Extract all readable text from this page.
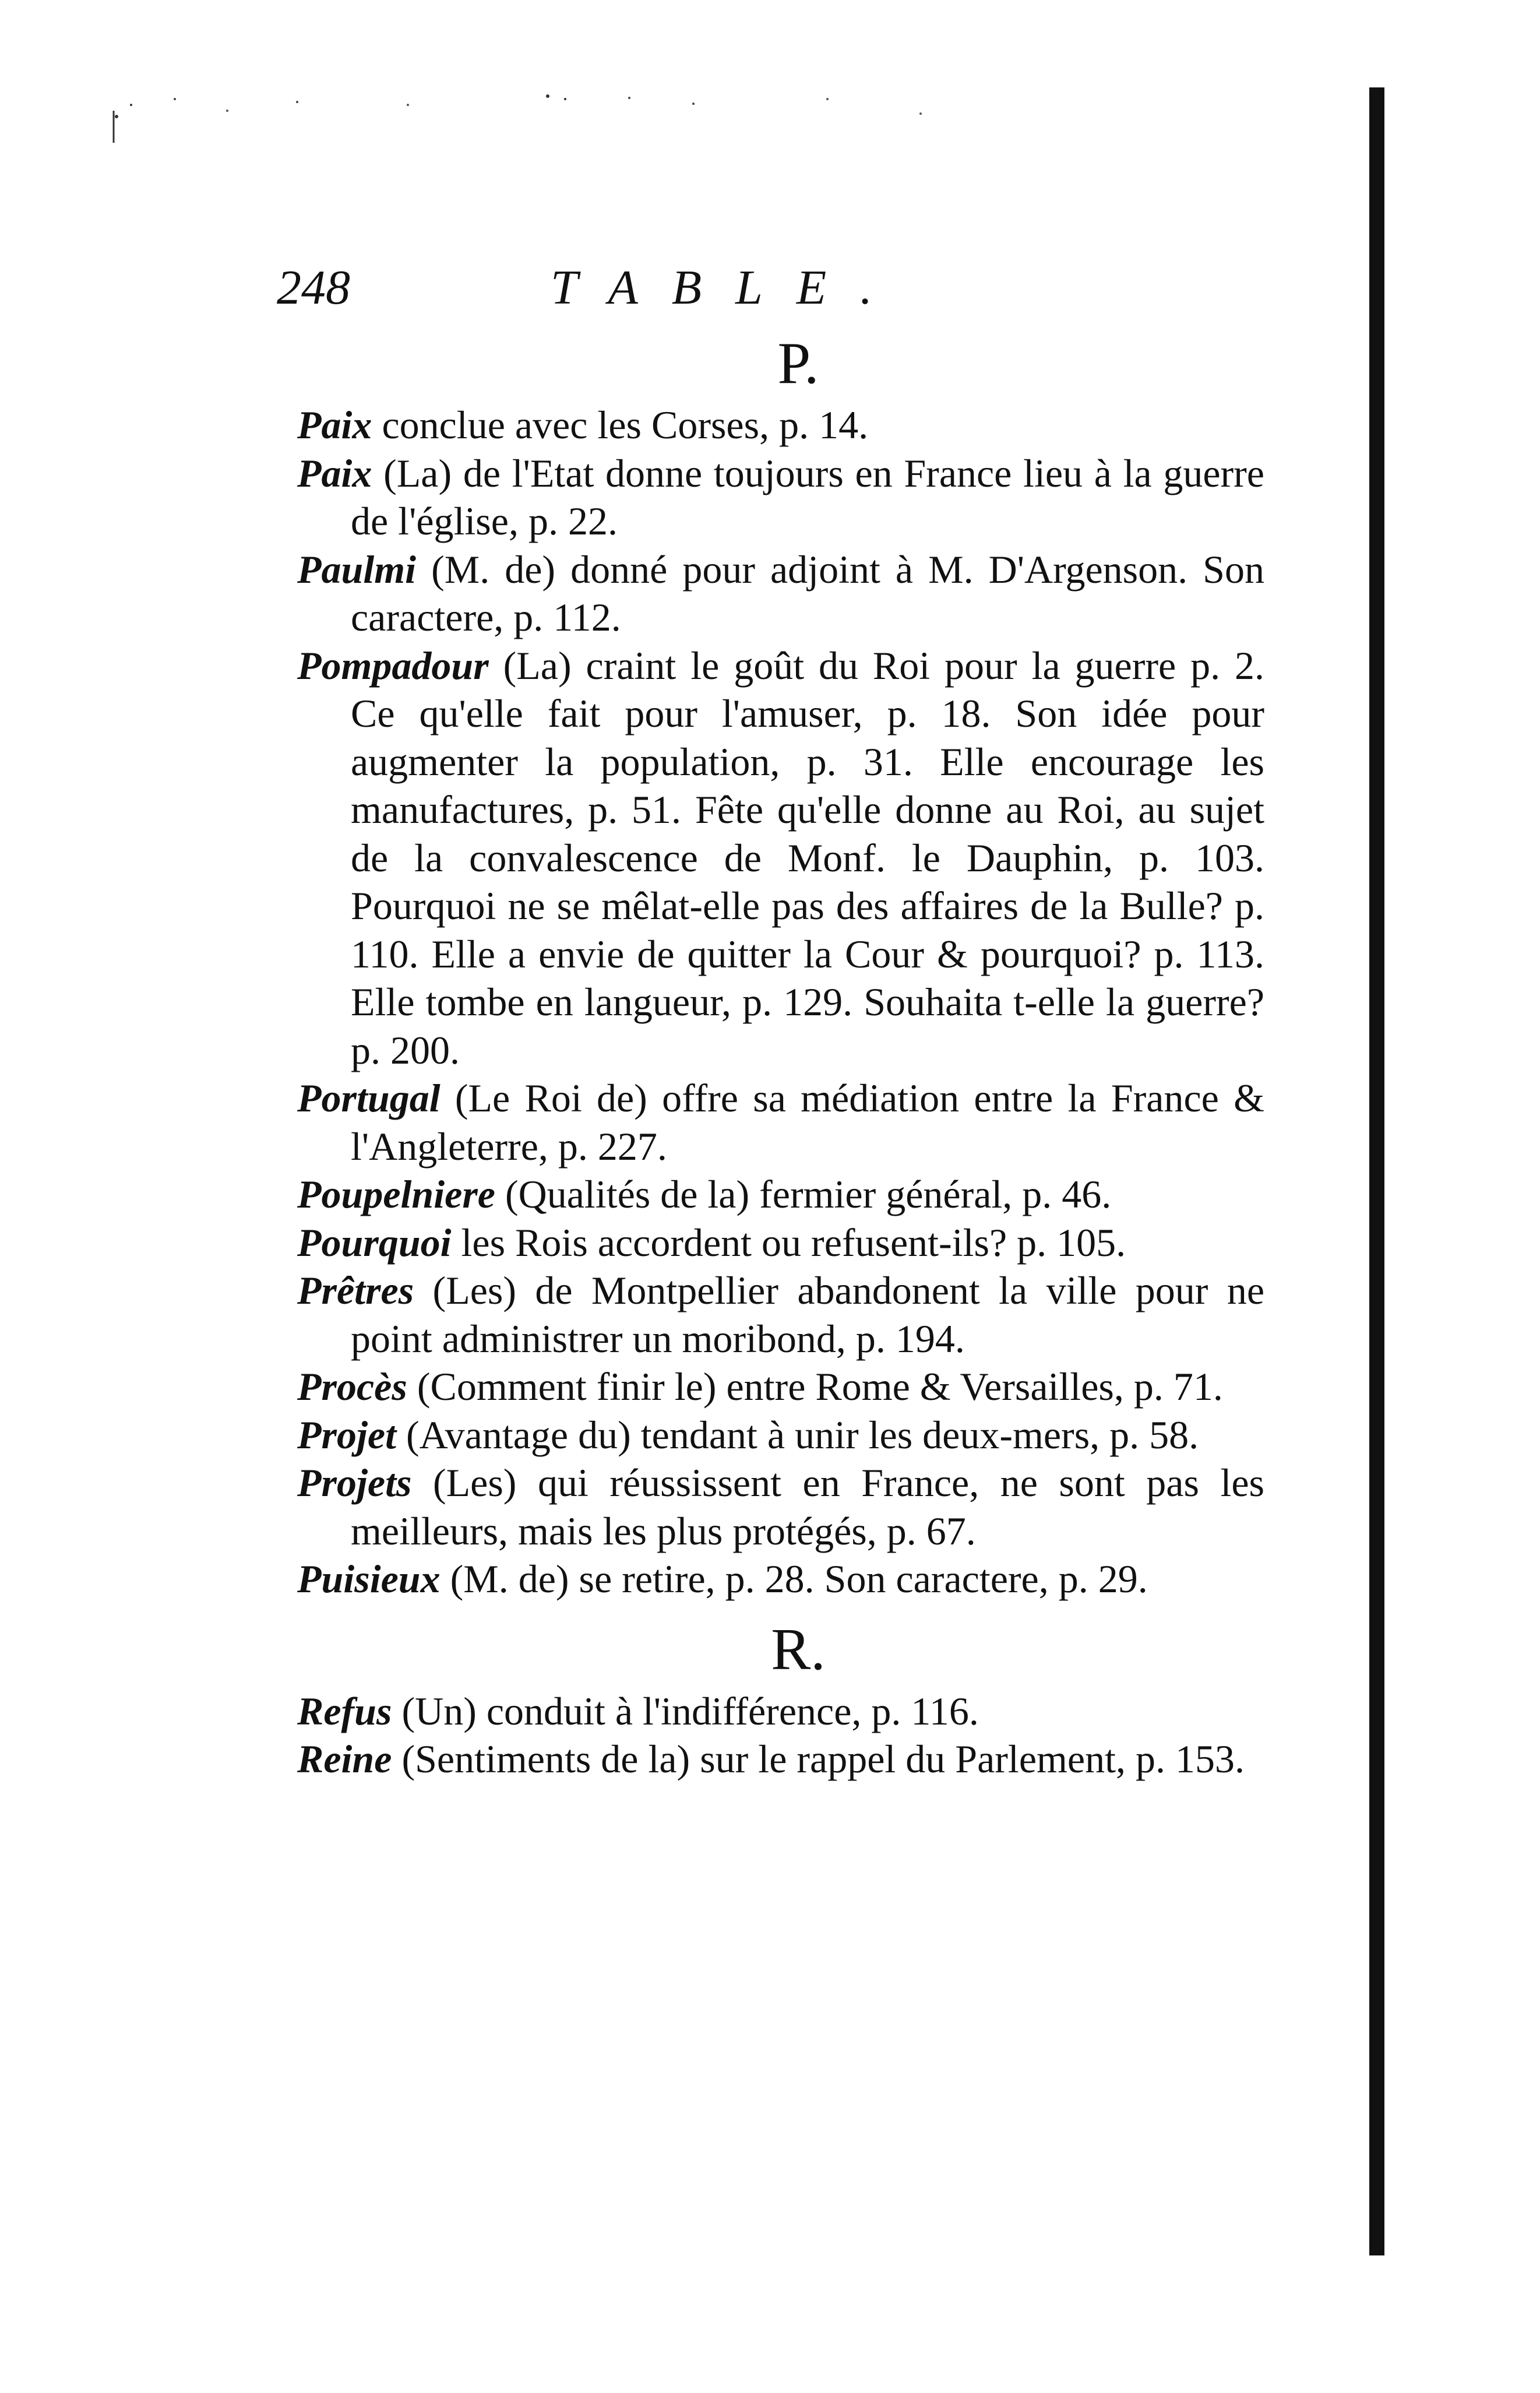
248	TABLE.

P.

Paix conclue avec les Corses, p. 14.

Paix (La) de l'Etat donne toujours en France lieu à la guerre de l'église, p. 22.

Paulmi (M. de) donné pour adjoint à M. D'Argenson. Son caractere, p. 112.

Pompadour (La) craint le goût du Roi pour la guerre p. 2. Ce qu'elle fait pour l'amuser, p. 18. Son idée pour augmenter la population, p. 31. Elle encourage les manufactures, p. 51. Fête qu'elle donne au Roi, au sujet de la convalescence de Monf. le Dauphin, p. 103. Pourquoi ne se mêlat-elle pas des affaires de la Bulle? p. 110. Elle a envie de quitter la Cour & pourquoi? p. 113. Elle tombe en langueur, p. 129. Souhaita t-elle la guerre? p. 200.

Portugal (Le Roi de) offre sa médiation entre la France & l'Angleterre, p. 227.

Poupelniere (Qualités de la) fermier général, p. 46.

Pourquoi les Rois accordent ou refusent-ils? p. 105.

Prêtres (Les) de Montpellier abandonent la ville pour ne point administrer un moribond, p. 194.

Procès (Comment finir le) entre Rome & Versailles, p. 71.

Projet (Avantage du) tendant à unir les deux-mers, p. 58.

Projets (Les) qui réussissent en France, ne sont pas les meilleurs, mais les plus protégés, p. 67.

Puisieux (M. de) se retire, p. 28. Son caractere, p. 29.

R.

Refus (Un) conduit à l'indifférence, p. 116.

Reine (Sentiments de la) sur le rappel du Parlement, p. 153.
